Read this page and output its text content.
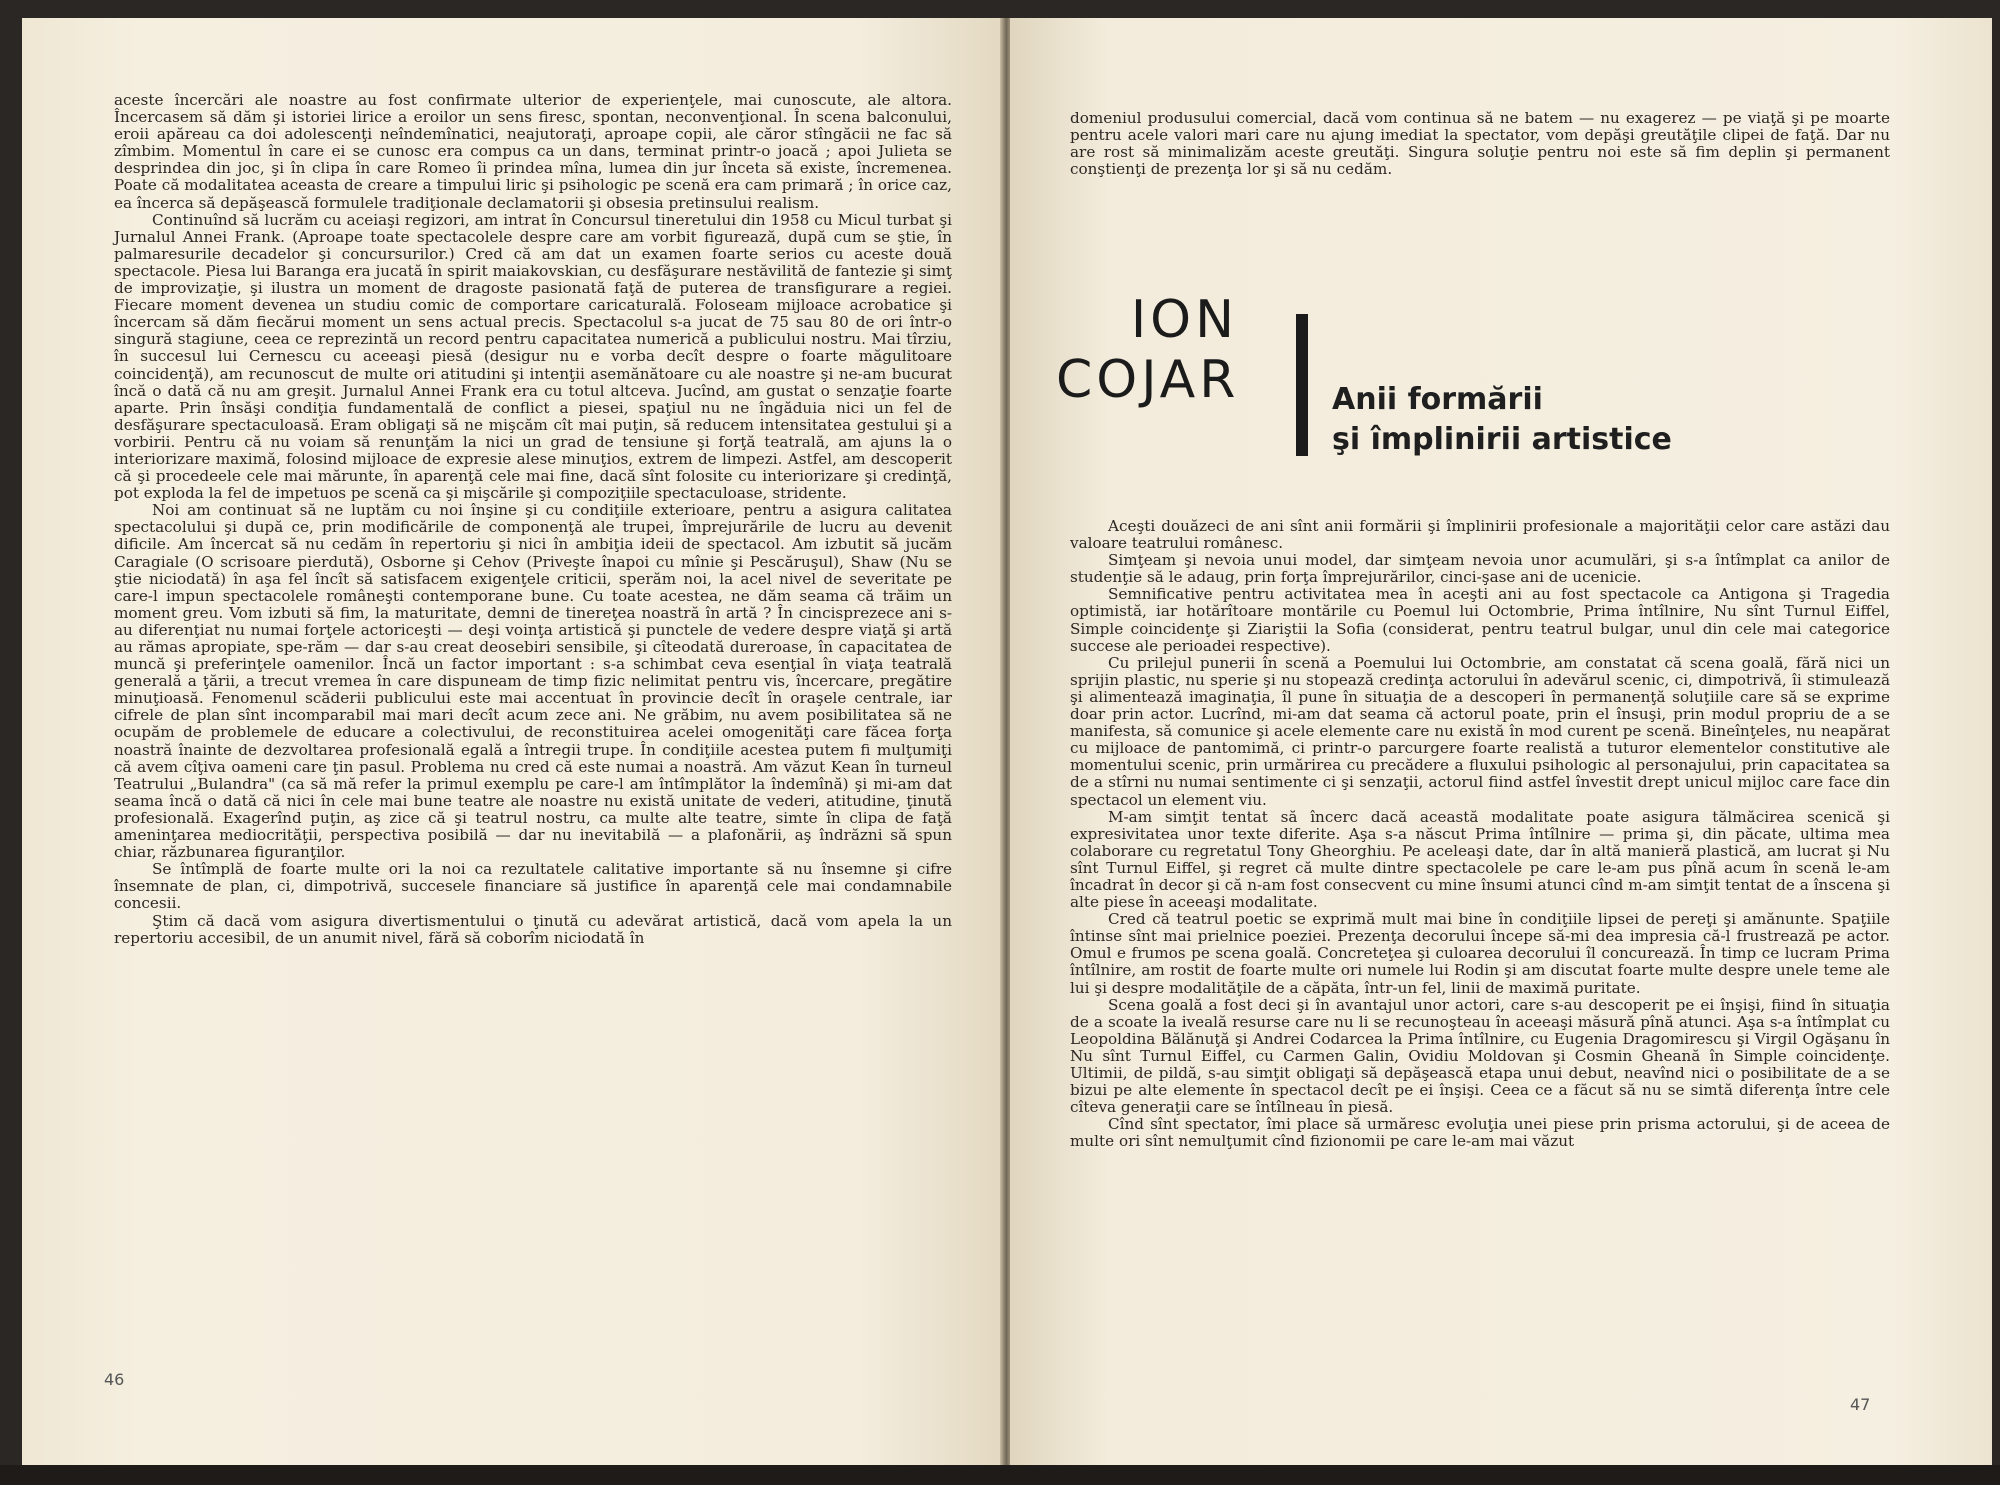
aceste încercări ale noastre au fost confirmate ulterior de experienţele, mai cunoscute, ale altora. Încercasem să dăm şi istoriei lirice a eroilor un sens firesc, spontan, neconvenţional. În scena balconului, eroii apăreau ca doi adolescenţi neîndemînatici, neajutoraţi, aproape copii, ale căror stîngăcii ne fac să zîmbim. Momentul în care ei se cunosc era compus ca un dans, terminat printr-o joacă ; apoi Julieta se desprindea din joc, şi în clipa în care Romeo îi prindea mîna, lumea din jur înceta să existe, încremenea. Poate că modalitatea aceasta de creare a timpului liric şi psihologic pe scenă era cam primară ; în orice caz, ea încerca să depăşească formulele tradiţionale declamatorii şi obsesia pretinsului realism.

Continuînd să lucrăm cu aceiaşi regizori, am intrat în Concursul tineretului din 1958 cu Micul turbat şi Jurnalul Annei Frank. (Aproape toate spectacolele despre care am vorbit figurează, după cum se ştie, în palmaresurile decadelor şi concursurilor.) Cred că am dat un examen foarte serios cu aceste două spectacole. Piesa lui Baranga era jucată în spirit maiakovskian, cu desfăşurare nestăvilită de fantezie şi simţ de improvizaţie, şi ilustra un moment de dragoste pasionată faţă de puterea de transfigurare a regiei. Fiecare moment devenea un studiu comic de comportare caricaturală. Foloseam mijloace acrobatice şi încercam să dăm fiecărui moment un sens actual precis. Spectacolul s-a jucat de 75 sau 80 de ori într-o singură stagiune, ceea ce reprezintă un record pentru capacitatea numerică a publicului nostru. Mai tîrziu, în succesul lui Cernescu cu aceeaşi piesă (desigur nu e vorba decît despre o foarte măgulitoare coincidenţă), am recunoscut de multe ori atitudini şi intenţii asemănătoare cu ale noastre şi ne-am bucurat încă o dată că nu am greşit. Jurnalul Annei Frank era cu totul altceva. Jucînd, am gustat o senzaţie foarte aparte. Prin însăşi condiţia fundamentală de conflict a piesei, spaţiul nu ne îngăduia nici un fel de desfăşurare spectaculoasă. Eram obligaţi să ne mişcăm cît mai puţin, să reducem intensitatea gestului şi a vorbirii. Pentru că nu voiam să renunţăm la nici un grad de tensiune şi forţă teatrală, am ajuns la o interiorizare maximă, folosind mijloace de expresie alese minuţios, extrem de limpezi. Astfel, am descoperit că şi procedeele cele mai mărunte, în aparenţă cele mai fine, dacă sînt folosite cu interiorizare şi credinţă, pot exploda la fel de impetuos pe scenă ca şi mişcările şi compoziţiile spectaculoase, stridente.

Noi am continuat să ne luptăm cu noi înşine şi cu condiţiile exterioare, pentru a asigura calitatea spectacolului şi după ce, prin modificările de componenţă ale trupei, împrejurările de lucru au devenit dificile. Am încercat să nu cedăm în repertoriu şi nici în ambiţia ideii de spectacol. Am izbutit să jucăm Caragiale (O scrisoare pierdută), Osborne şi Cehov (Priveşte înapoi cu mînie şi Pescăruşul), Shaw (Nu se ştie niciodată) în aşa fel încît să satisfacem exigenţele criticii, sperăm noi, la acel nivel de severitate pe care-l impun spectacolele româneşti contemporane bune. Cu toate acestea, ne dăm seama că trăim un moment greu. Vom izbuti să fim, la maturitate, demni de tinereţea noastră în artă ? În cincisprezece ani s-au diferenţiat nu numai forţele actoriceşti — deşi voinţa artistică şi punctele de vedere despre viaţă şi artă au rămas apropiate, spe-răm — dar s-au creat deosebiri sensibile, şi cîteodată dureroase, în capacitatea de muncă şi preferinţele oamenilor. Încă un factor important : s-a schimbat ceva esenţial în viaţa teatrală generală a ţării, a trecut vremea în care dispuneam de timp fizic nelimitat pentru vis, încercare, pregătire minuţioasă. Fenomenul scăderii publicului este mai accentuat în provincie decît în oraşele centrale, iar cifrele de plan sînt incomparabil mai mari decît acum zece ani. Ne grăbim, nu avem posibilitatea să ne ocupăm de problemele de educare a colectivului, de reconstituirea acelei omogenităţi care făcea forţa noastră înainte de dezvoltarea profesională egală a întregii trupe. În condiţiile acestea putem fi mulţumiţi că avem cîţiva oameni care ţin pasul. Problema nu cred că este numai a noastră. Am văzut Kean în turneul Teatrului „Bulandra" (ca să mă refer la primul exemplu pe care-l am întîmplător la îndemînă) şi mi-am dat seama încă o dată că nici în cele mai bune teatre ale noastre nu există unitate de vederi, atitudine, ţinută profesională. Exagerînd puţin, aş zice că şi teatrul nostru, ca multe alte teatre, simte în clipa de faţă ameninţarea mediocrităţii, perspectiva posibilă — dar nu inevitabilă — a plafonării, aş îndrăzni să spun chiar, răzbunarea figuranţilor.

Se întîmplă de foarte multe ori la noi ca rezultatele calitative importante să nu însemne şi cifre însemnate de plan, ci, dimpotrivă, succesele financiare să justifice în aparenţă cele mai condamnabile concesii.

Ştim că dacă vom asigura divertismentului o ţinută cu adevărat artistică, dacă vom apela la un repertoriu accesibil, de un anumit nivel, fără să coborîm niciodată în

46

domeniul produsului comercial, dacă vom continua să ne batem — nu exagerez — pe viaţă şi pe moarte pentru acele valori mari care nu ajung imediat la spectator, vom depăşi greutăţile clipei de faţă. Dar nu are rost să minimalizăm aceste greutăţi. Singura soluţie pentru noi este să fim deplin şi permanent conştienţi de prezenţa lor şi să nu cedăm.

ION
COJAR	Anii formării
şi împlinirii artistice

Aceşti douăzeci de ani sînt anii formării şi împlinirii profesionale a majorităţii celor care astăzi dau valoare teatrului românesc.

Simţeam şi nevoia unui model, dar simţeam nevoia unor acumulări, şi s-a întîmplat ca anilor de studenţie să le adaug, prin forţa împrejurărilor, cinci-şase ani de ucenicie.

Semnificative pentru activitatea mea în aceşti ani au fost spectacole ca Antigona şi Tragedia optimistă, iar hotărîtoare montările cu Poemul lui Octombrie, Prima întîlnire, Nu sînt Turnul Eiffel, Simple coincidenţe şi Ziariştii la Sofia (considerat, pentru teatrul bulgar, unul din cele mai categorice succese ale perioadei respective).

Cu prilejul punerii în scenă a Poemului lui Octombrie, am constatat că scena goală, fără nici un sprijin plastic, nu sperie şi nu stopează credinţa actorului în adevărul scenic, ci, dimpotrivă, îi stimulează şi alimentează imaginaţia, îl pune în situaţia de a descoperi în permanenţă soluţiile care să se exprime doar prin actor. Lucrînd, mi-am dat seama că actorul poate, prin el însuşi, prin modul propriu de a se manifesta, să comunice şi acele elemente care nu există în mod curent pe scenă. Bineînţeles, nu neapărat cu mijloace de pantomimă, ci printr-o parcurgere foarte realistă a tuturor elementelor constitutive ale momentului scenic, prin urmărirea cu precădere a fluxului psihologic al personajului, prin capacitatea sa de a stîrni nu numai sentimente ci şi senzaţii, actorul fiind astfel învestit drept unicul mijloc care face din spectacol un element viu.

M-am simţit tentat să încerc dacă această modalitate poate asigura tălmăcirea scenică şi expresivitatea unor texte diferite. Aşa s-a născut Prima întîlnire — prima şi, din păcate, ultima mea colaborare cu regretatul Tony Gheorghiu. Pe aceleaşi date, dar în altă manieră plastică, am lucrat şi Nu sînt Turnul Eiffel, şi regret că multe dintre spectacolele pe care le-am pus pînă acum în scenă le-am încadrat în decor şi că n-am fost consecvent cu mine însumi atunci cînd m-am simţit tentat de a înscena şi alte piese în aceeaşi modalitate.

Cred că teatrul poetic se exprimă mult mai bine în condiţiile lipsei de pereţi şi amănunte. Spaţiile întinse sînt mai prielnice poeziei. Prezenţa decorului începe să-mi dea impresia că-l frustrează pe actor. Omul e frumos pe scena goală. Concreteţea şi culoarea decorului îl concurează. În timp ce lucram Prima întîlnire, am rostit de foarte multe ori numele lui Rodin şi am discutat foarte multe despre unele teme ale lui şi despre modalităţile de a căpăta, într-un fel, linii de maximă puritate.

Scena goală a fost deci şi în avantajul unor actori, care s-au descoperit pe ei înşişi, fiind în situaţia de a scoate la iveală resurse care nu li se recunoşteau în aceeaşi măsură pînă atunci. Aşa s-a întîmplat cu Leopoldina Bălănuţă şi Andrei Codarcea la Prima întîlnire, cu Eugenia Dragomirescu şi Virgil Ogăşanu în Nu sînt Turnul Eiffel, cu Carmen Galin, Ovidiu Moldovan şi Cosmin Gheană în Simple coincidenţe. Ultimii, de pildă, s-au simţit obligaţi să depăşească etapa unui debut, neavînd nici o posibilitate de a se bizui pe alte elemente în spectacol decît pe ei înşişi. Ceea ce a făcut să nu se simtă diferenţa între cele cîteva generaţii care se întîlneau în piesă.

Cînd sînt spectator, îmi place să urmăresc evoluţia unei piese prin prisma actorului, şi de aceea de multe ori sînt nemulţumit cînd fizionomii pe care le-am mai văzut

47
